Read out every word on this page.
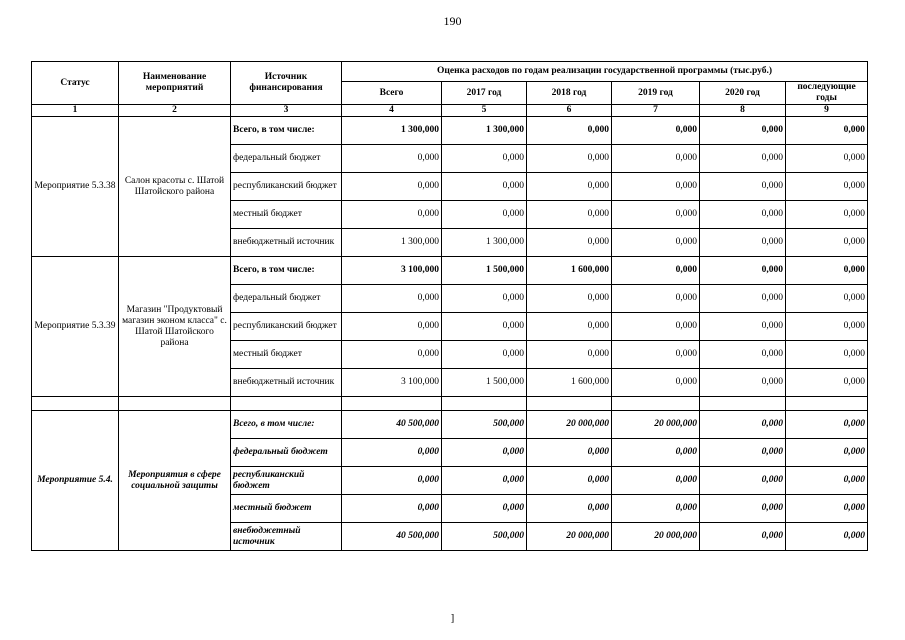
190
Статус	Наименование мероприятий	Источник финансирования	Оценка расходов по годам реализации государственной программы (тыс.руб.)					
			Всего	2017 год	2018 год	2019 год	2020 год	последующие годы
1	2	3	4	5	6	7	8	9
Мероприятие 5.3.38	Салон красоты с. Шатой Шатойского района	Всего, в том числе:	1 300,000	1 300,000	0,000	0,000	0,000	0,000
		федеральный бюджет	0,000	0,000	0,000	0,000	0,000	0,000
		республиканский бюджет	0,000	0,000	0,000	0,000	0,000	0,000
		местный бюджет	0,000	0,000	0,000	0,000	0,000	0,000
		внебюджетный источник	1 300,000	1 300,000	0,000	0,000	0,000	0,000
Мероприятие 5.3.39	Магазин "Продуктовый магазин эконом класса" с. Шатой Шатойского района	Всего, в том числе:	3 100,000	1 500,000	1 600,000	0,000	0,000	0,000
		федеральный бюджет	0,000	0,000	0,000	0,000	0,000	0,000
		республиканский бюджет	0,000	0,000	0,000	0,000	0,000	0,000
		местный бюджет	0,000	0,000	0,000	0,000	0,000	0,000
		внебюджетный источник	3 100,000	1 500,000	1 600,000	0,000	0,000	0,000

Мероприятие 5.4.	Мероприятия в сфере социальной защиты	Всего, в том числе:	40 500,000	500,000	20 000,000	20 000,000	0,000	0,000
		федеральный бюджет	0,000	0,000	0,000	0,000	0,000	0,000
		республиканский бюджет	0,000	0,000	0,000	0,000	0,000	0,000
		местный бюджет	0,000	0,000	0,000	0,000	0,000	0,000
		внебюджетный источник	40 500,000	500,000	20 000,000	20 000,000	0,000	0,000
]
